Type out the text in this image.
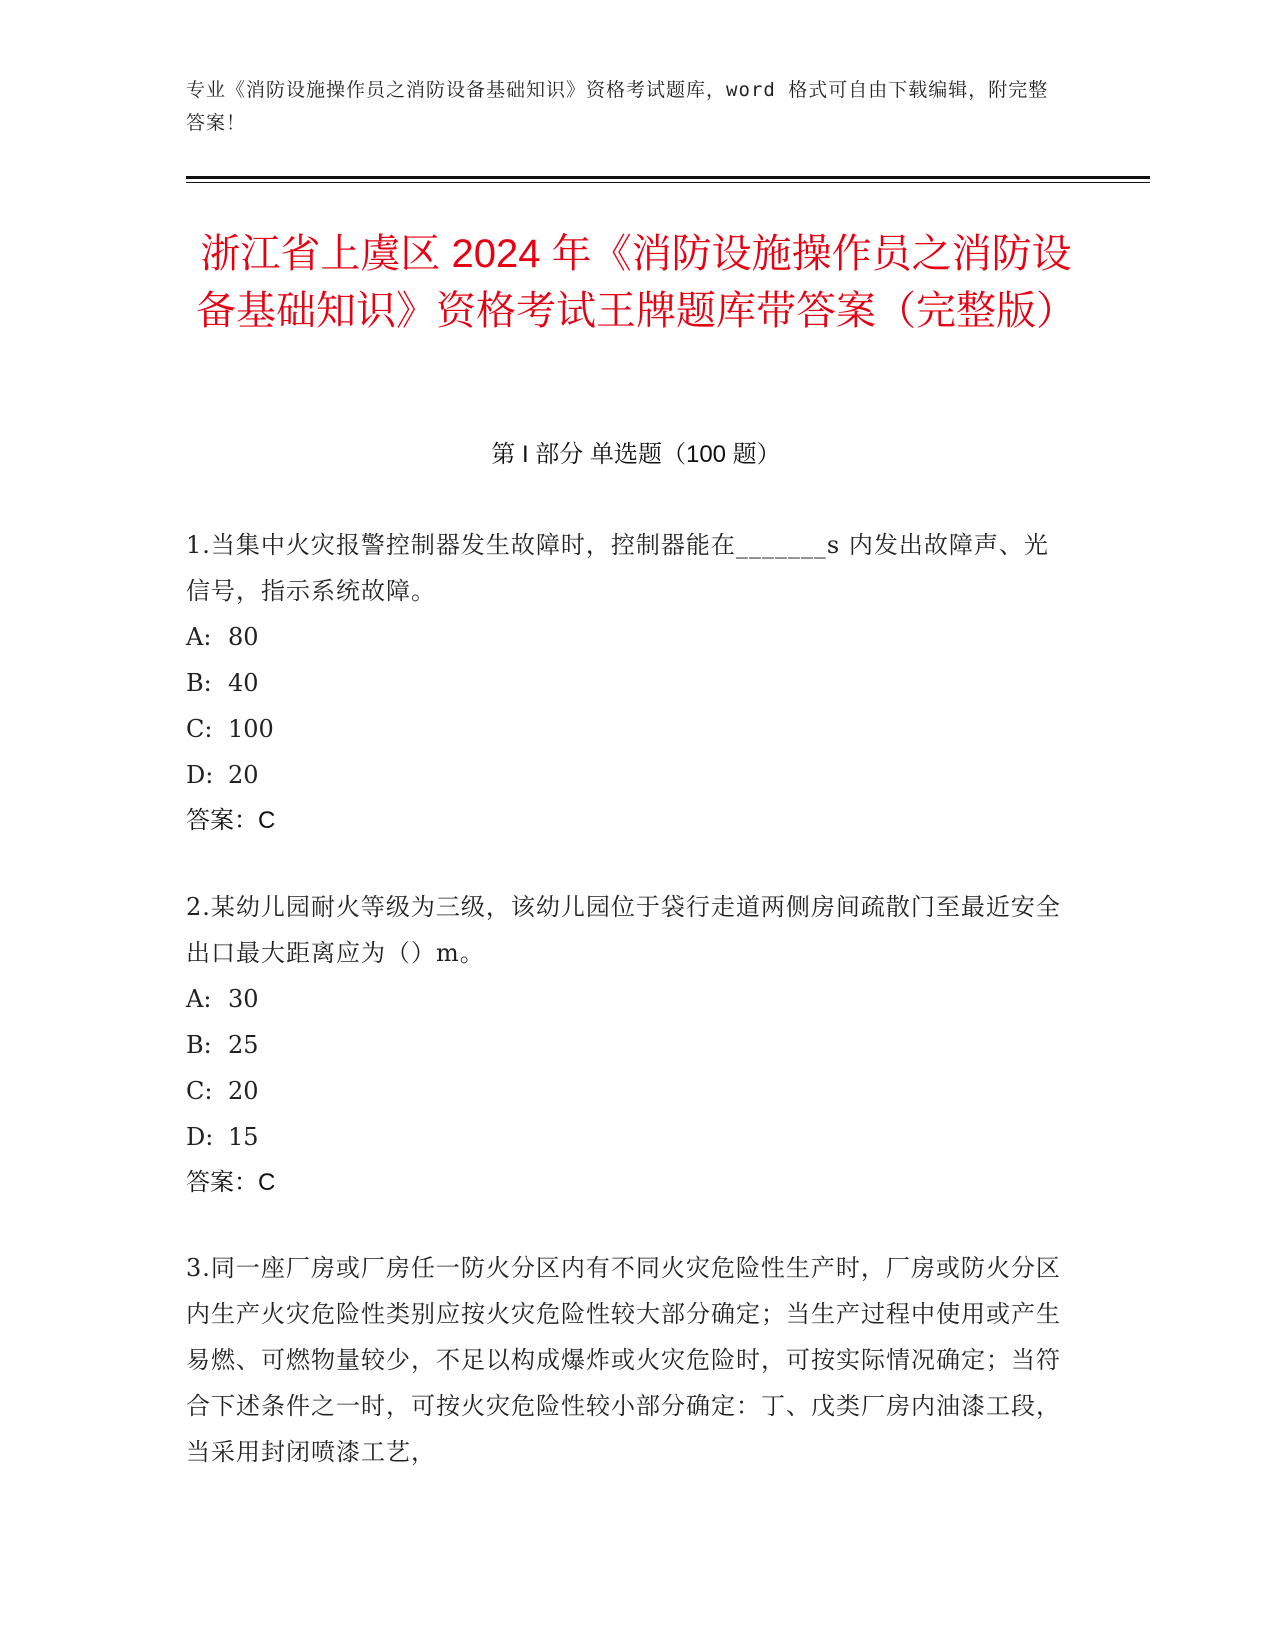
专业《消防设施操作员之消防设备基础知识》资格考试题库，word 格式可自由下载编辑，附完整答案！
浙江省上虞区 2024 年《消防设施操作员之消防设备基础知识》资格考试王牌题库带答案（完整版）
第 I 部分 单选题（100 题）

1.当集中火灾报警控制器发生故障时，控制器能在_______s 内发出故障声、光信号，指示系统故障。

A: 80

B: 40

C: 100

D: 20

答案：C

2.某幼儿园耐火等级为三级，该幼儿园位于袋行走道两侧房间疏散门至最近安全出口最大距离应为（）m。

A: 30

B: 25

C: 20

D: 15

答案：C

3.同一座厂房或厂房任一防火分区内有不同火灾危险性生产时，厂房或防火分区内生产火灾危险性类别应按火灾危险性较大部分确定；当生产过程中使用或产生易燃、可燃物量较少，不足以构成爆炸或火灾危险时，可按实际情况确定；当符合下述条件之一时，可按火灾危险性较小部分确定：丁、戊类厂房内油漆工段，当采用封闭喷漆工艺，
